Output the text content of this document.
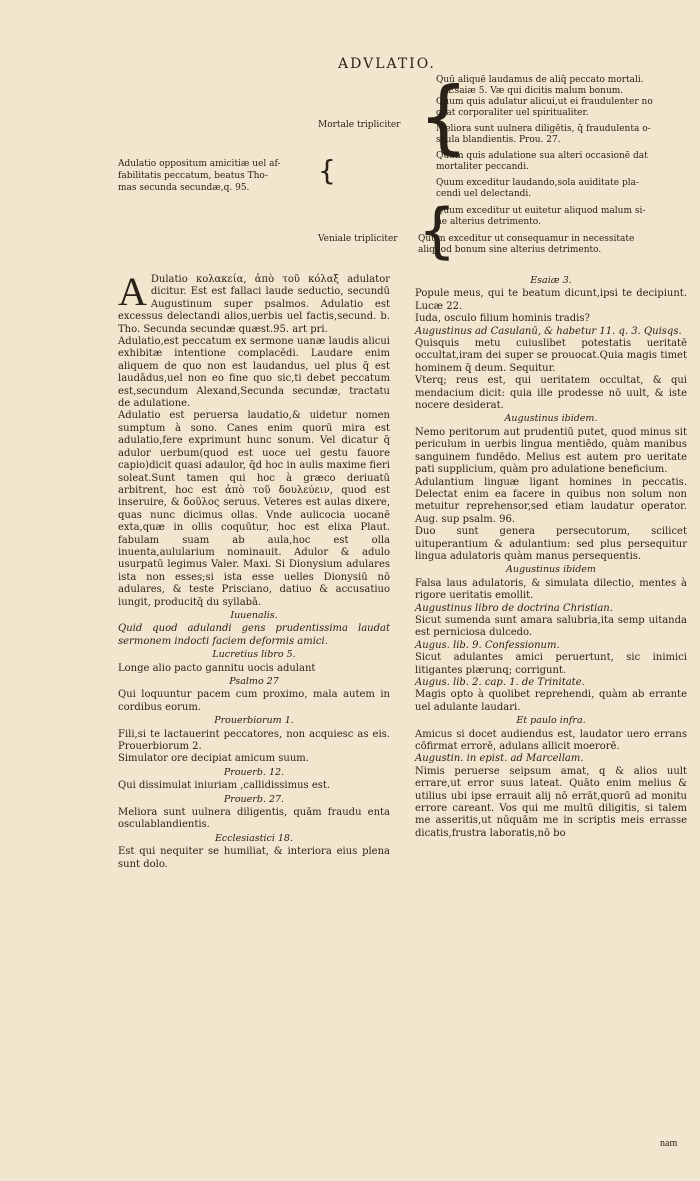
ADVLATIO.
Adulatio oppositum amicitiæ uel af-
fabilitatis peccatum, beatus Tho-
mas secunda secundæ,q. 95.
{
Mortale tripliciter
Veniale tripliciter
{
{
Quū aliquē laudamus de aliq̄ peccato mortali.
Esaiæ 5. Væ qui dicitis malum bonum.
Quum quis adulatur alicui,ut ei fraudulenter no
ceat corporaliter uel spiritualiter.
Meliora sunt uulnera diligētis, q̄ fraudulenta o-
scula blandientis. Prou. 27.
Quum quis adulatione sua alteri occasionē dat
mortaliter peccandi.
Quum exceditur laudando,sola auiditate pla-
cendi uel delectandi.
Quum exceditur ut euitetur aliquod malum si-
ne alterius detrimento.
Quum exceditur ut consequamur in necessitate
aliquod bonum sine alterius detrimento.
A Dulatio κολακεία, ἀπὸ τοῦ κόλαξ adulator dicitur. Est est fallaci laude seductio, secundū Augustinum super psalmos. Adulatio est excessus delectandi alios,uerbis uel factis,secund. b. Tho. Secunda secundæ quæst.95. art pri.

Adulatio,est peccatum ex sermone uanæ laudis alicui exhibitæ intentione complacēdi. Laudare enim aliquem de quo non est laudandus, uel plus q̄ est laudādus,uel non eo fine quo sic,ti debet peccatum est,secundum Alexand,Secunda secundæ, tractatu de adulatione.

Adulatio est peruersa laudatio,& uidetur nomen sumptum à sono. Canes enim quorū mira est adulatio,fere exprimunt hunc sonum. Vel dicatur q̄ adulor uerbum(quod est uoce uel gestu fauore capio)dicit quasi adaulor, q̄d hoc in aulis maxime fieri soleat.Sunt tamen qui hoc à græco deriuatū arbitrent, hoc est ἀπὸ τοῦ δουλεύειν, quod est inseruire, & δοῦλος seruus. Veteres est aulas dixere, quas nunc dicimus ollas. Vnde aulicocia uocanē exta,quæ in ollis coquūtur, hoc est elixa Plaut. fabulam suam ab aula,hoc est olla inuenta,aulularium nominauit. Adulor & adulo usurpatū legimus Valer. Maxi. Si Dionysium adulares ista non esses;si ista esse uelles Dionysiū nō adulares, & teste Prisciano, datiuo & accusatiuo iungit, producitq̄ du syllabā.

Iuuenalis.

Quid quod adulandi gens prudentissima laudat sermonem indocti faciem deformis amici.

Lucretius libro 5.

Longe alio pacto gannitu uocis adulant

Psalmo 27

Qui loquuntur pacem cum proximo, mala autem in cordibus eorum.

Prouerbiorum 1.

Fili,si te lactauerint peccatores, non acquiesc as eis. Prouerbiorum 2.

Simulator ore decipiat amicum suum.

Prouerb. 12.

Qui dissimulat iniuriam ,callidissimus est.

Prouerb. 27.

Meliora sunt uulnera diligentis, quām fraudu enta osculablandientis.

Ecclesiastici 18.

Est qui nequiter se humiliat, & interiora eius plena sunt dolo.

Esaiæ 3.

Popule meus, qui te beatum dicunt,ipsi te decipiunt. Lucæ 22.

Iuda, osculo filium hominis tradis?

Augustinus ad Casulanū, & habetur 11. q. 3. Quisqs.

Quisquis metu cuiuslibet potestatis ueritatē occultat,iram dei super se prouocat.Quia magis timet hominem q̄ deum. Sequitur.

Vterq; reus est, qui ueritatem occultat, & qui mendacium dicit: quia ille prodesse nō uult, & iste nocere desiderat.

Augustinus ibidem.

Nemo peritorum aut prudentiū putet, quod minus sit periculum in uerbis lingua mentiēdo, quàm manibus sanguinem fundēdo. Melius est autem pro ueritate pati supplicium, quàm pro adulatione beneficium.

Adulantium linguæ ligant homines in peccatis. Delectat enim ea facere in quibus non solum non metuitur reprehensor,sed etiam laudatur operator. Aug. sup psalm. 96.

Duo sunt genera persecutorum, scilicet uituperantium & adulantium: sed plus persequitur lingua adulatoris quàm manus persequentis.

Augustinus ibidem

Falsa laus adulatoris, & simulata dilectio, mentes à rigore ueritatis emollit.

Augustinus libro de doctrina Christian.

Sicut sumenda sunt amara salubria,ita semp uitanda est perniciosa dulcedo.

Augus. lib. 9. Confessionum.

Sicut adulantes amici peruertunt, sic inimici litigantes plærunq; corrigunt.

Augus. lib. 2. cap. 1. de Trinitate.

Magis opto à quolibet reprehendi, quàm ab errante uel adulante laudari.

Et paulo infra.

Amicus si docet audiendus est, laudator uero errans cōfirmat errorē, adulans allicit moerorē.

Augustin. in epist. ad Marcellam.

Nimis peruerse seipsum amat, q & alios uult errare,ut error suus lateat. Quāto enim melius & utilius ubi ipse errauit alij nō errāt,quorū ad monitu errore careant. Vos qui me multū diligitis, si talem me asseritis,ut nūquām me in scriptis meis errasse dicatis,frustra laboratis,nō bo

nam
